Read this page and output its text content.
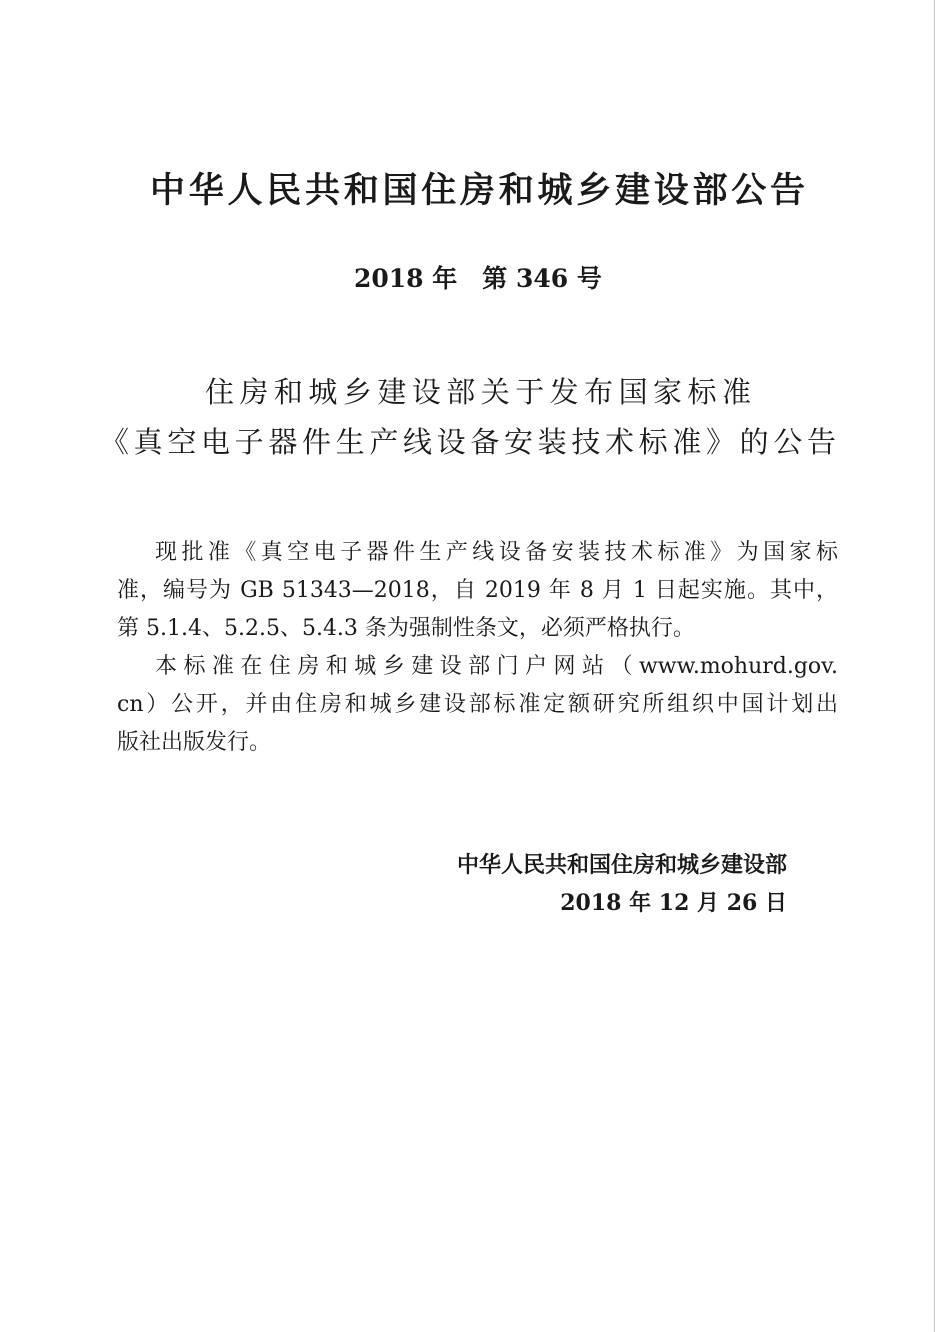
中华人民共和国住房和城乡建设部公告
2018 年　第 346 号
住房和城乡建设部关于发布国家标准
《真空电子器件生产线设备安装技术标准》的公告
现批准《真空电子器件生产线设备安装技术标准》为国家标
准，编号为 GB 51343—2018，自 2019 年 8 月 1 日起实施。其中，
第 5.1.4、5.2.5、5.4.3 条为强制性条文，必须严格执行。
本标准在住房和城乡建设部门户网站（www.mohurd.gov.
cn）公开，并由住房和城乡建设部标准定额研究所组织中国计划出
版社出版发行。
中华人民共和国住房和城乡建设部
2018 年 12 月 26 日
